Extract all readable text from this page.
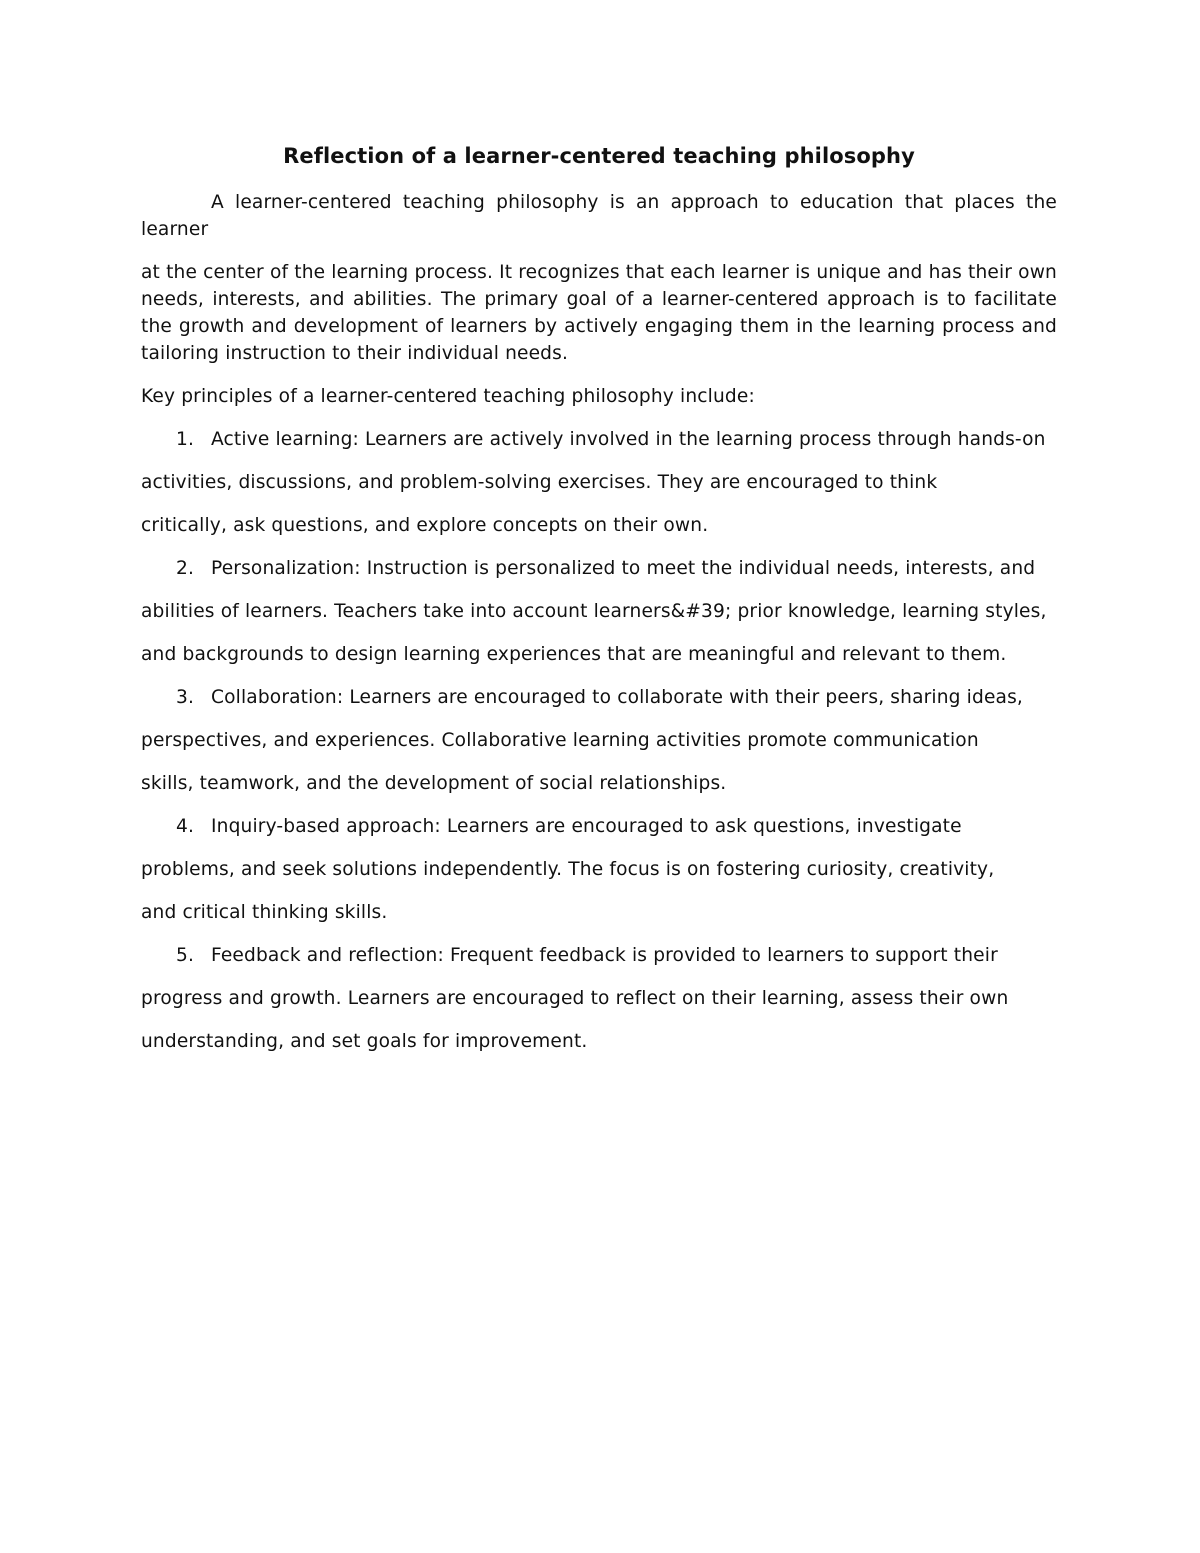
Reflection of a learner-centered teaching philosophy

A learner-centered teaching philosophy is an approach to education that places the learner

at the center of the learning process. It recognizes that each learner is unique and has their own needs, interests, and abilities. The primary goal of a learner-centered approach is to facilitate the growth and development of learners by actively engaging them in the learning process and tailoring instruction to their individual needs.

Key principles of a learner-centered teaching philosophy include:

1. Active learning: Learners are actively involved in the learning process through hands-on

activities, discussions, and problem-solving exercises. They are encouraged to think

critically, ask questions, and explore concepts on their own.

2. Personalization: Instruction is personalized to meet the individual needs, interests, and

abilities of learners. Teachers take into account learners&#39; prior knowledge, learning styles,

and backgrounds to design learning experiences that are meaningful and relevant to them.

3. Collaboration: Learners are encouraged to collaborate with their peers, sharing ideas,

perspectives, and experiences. Collaborative learning activities promote communication

skills, teamwork, and the development of social relationships.

4. Inquiry-based approach: Learners are encouraged to ask questions, investigate

problems, and seek solutions independently. The focus is on fostering curiosity, creativity,

and critical thinking skills.

5. Feedback and reflection: Frequent feedback is provided to learners to support their

progress and growth. Learners are encouraged to reflect on their learning, assess their own

understanding, and set goals for improvement.
